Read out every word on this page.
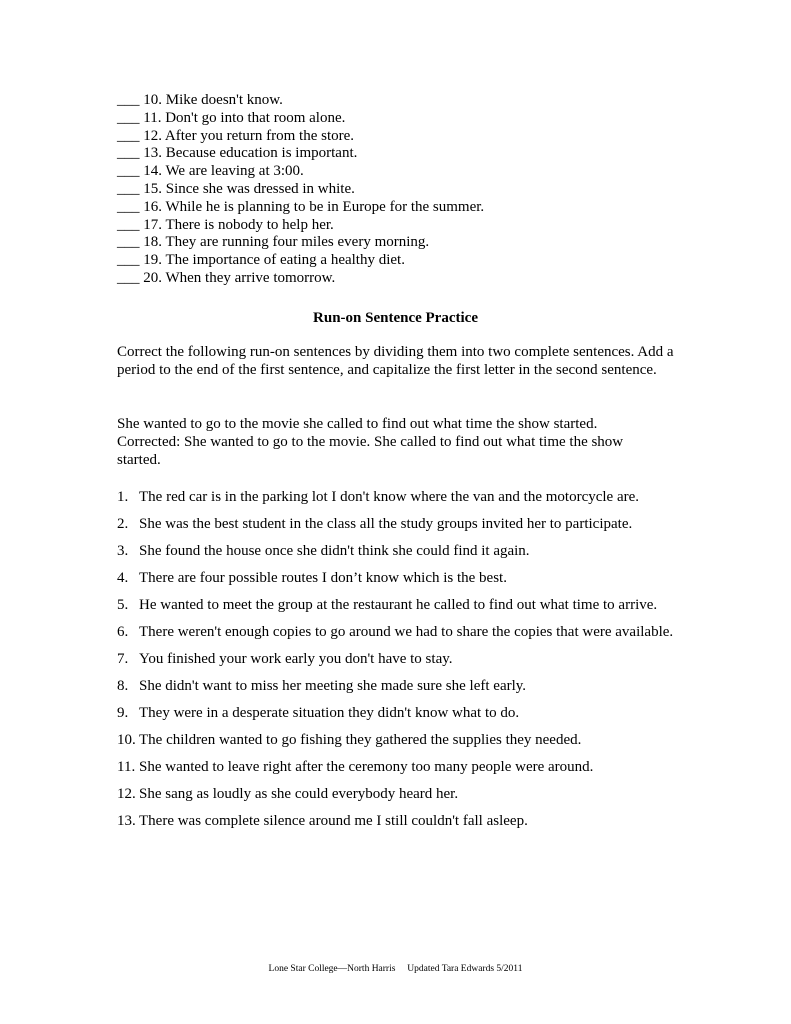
___ 10. Mike doesn't know.
___ 11. Don't go into that room alone.
___ 12. After you return from the store.
___ 13. Because education is important.
___ 14. We are leaving at 3:00.
___ 15. Since she was dressed in white.
___ 16. While he is planning to be in Europe for the summer.
___ 17. There is nobody to help her.
___ 18. They are running four miles every morning.
___ 19. The importance of eating a healthy diet.
___ 20. When they arrive tomorrow.
Run-on Sentence Practice
Correct the following run-on sentences by dividing them into two complete sentences. Add a period to the end of the first sentence, and capitalize the first letter in the second sentence.
She wanted to go to the movie she called to find out what time the show started.
Corrected: She wanted to go to the movie. She called to find out what time the show
started.
1. The red car is in the parking lot I don't know where the van and the motorcycle are.
2. She was the best student in the class all the study groups invited her to participate.
3. She found the house once she didn't think she could find it again.
4. There are four possible routes I don’t know which is the best.
5. He wanted to meet the group at the restaurant he called to find out what time to arrive.
6. There weren't enough copies to go around we had to share the copies that were available.
7. You finished your work early you don't have to stay.
8. She didn't want to miss her meeting she made sure she left early.
9. They were in a desperate situation they didn't know what to do.
10. The children wanted to go fishing they gathered the supplies they needed.
11. She wanted to leave right after the ceremony too many people were around.
12. She sang as loudly as she could everybody heard her.
13. There was complete silence around me I still couldn't fall asleep.
Lone Star College—North Harris     Updated Tara Edwards 5/2011
